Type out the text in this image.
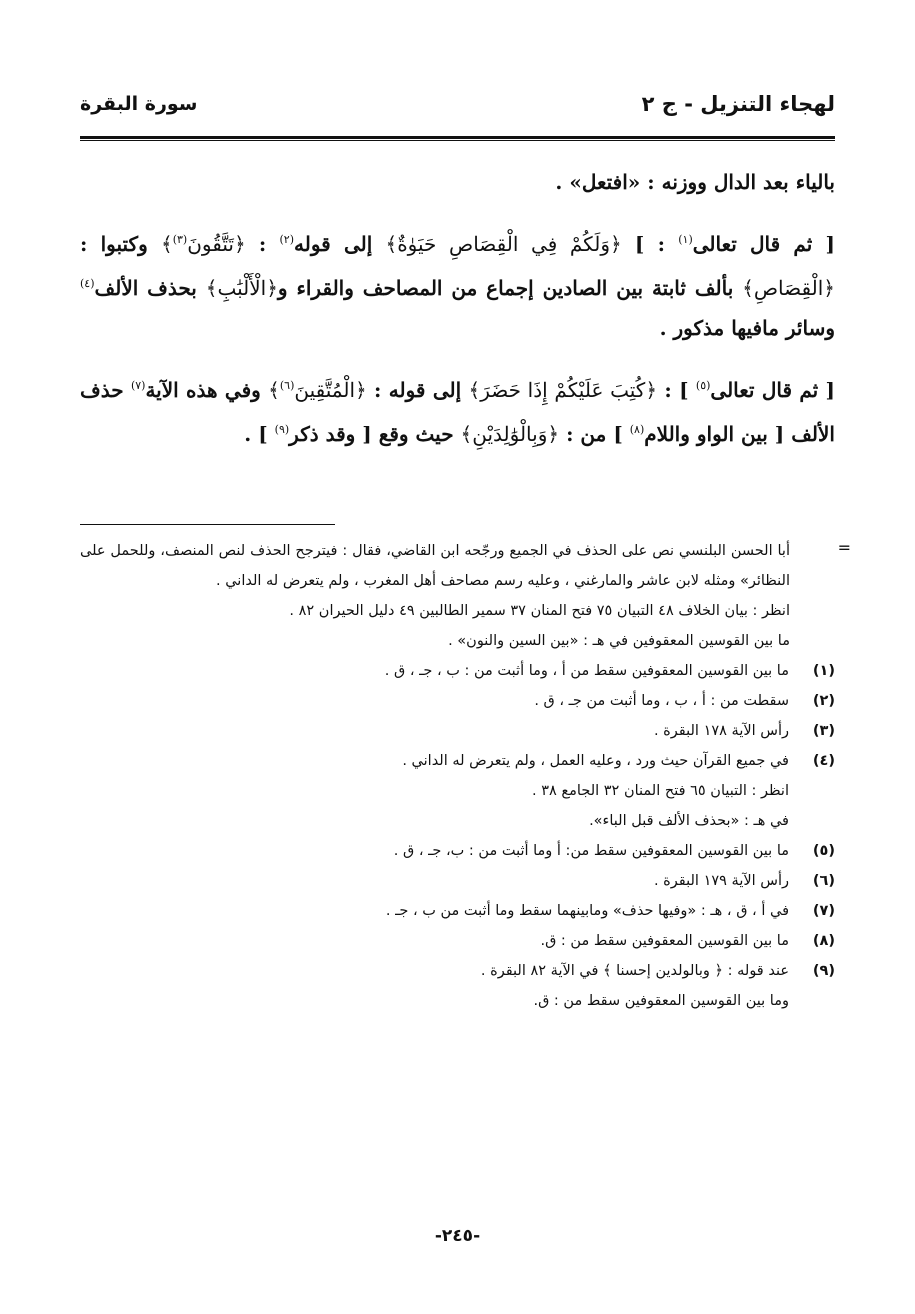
لهجاء التنزيل - ج ٢
سورة البقرة

بالياء بعد الدال ووزنه : «افتعل» .

[ ثم قال تعالى$^{(١)}$ : ] ﴿وَلَكُمْ فِي الْقِصَاصِ حَيَوٰةٌ﴾ إلى قوله$^{(٢)}$ : ﴿تَتَّقُونَ$^{(٣)}$﴾ وكتبوا : ﴿الْقِصَاصِ﴾ بألف ثابتة بين الصادين إجماع من المصاحف والقراء و﴿الْأَلْبَٰبِ﴾ بحذف الألف$^{(٤)}$ وسائر مافيها مذكور .

[ ثم قال تعالى$^{(٥)}$ ] : ﴿كُتِبَ عَلَيْكُمْ إِذَا حَضَرَ﴾ إلى قوله : ﴿الْمُتَّقِينَ$^{(٦)}$﴾ وفي هذه الآية$^{(٧)}$ حذف الألف [ بين الواو واللام$^{(٨)}$ ] من : ﴿وَبِالْوَٰلِدَيْنِ﴾ حيث وقع [ وقد ذكر$^{(٩)}$ ] .

=

أبا الحسن البلنسي نص على الحذف في الجميع ورجّحه ابن القاضي، فقال : فيترجح الحذف لنص المنصف، وللحمل على النظائر» ومثله لابن عاشر والمارغني ، وعليه رسم مصاحف أهل المغرب ، ولم يتعرض له الداني .

انظر : بيان الخلاف ٤٨ التبيان ٧٥ فتح المنان ٣٧ سمير الطالبين ٤٩ دليل الحيران ٨٢ .

ما بين القوسين المعقوفين في هـ : «بين السين والنون» .

(١)
ما بين القوسين المعقوفين سقط من أ ، وما أثبت من : ب ، جـ ، ق .
(٢)
سقطت من : أ ، ب ، وما أثبت من جـ ، ق .
(٣)
رأس الآية ١٧٨ البقرة .
(٤)
في جميع القرآن حيث ورد ، وعليه العمل ، ولم يتعرض له الداني .
انظر : التبيان ٦٥ فتح المنان ٣٢ الجامع ٣٨ .
في هـ : «بحذف الألف قبل الباء».
(٥)
ما بين القوسين المعقوفين سقط من: أ وما أثبت من : ب، جـ ، ق .
(٦)
رأس الآية ١٧٩ البقرة .
(٧)
في أ ، ق ، هـ : «وفيها حذف» ومابينهما سقط وما أثبت من ب ، جـ .
(٨)
ما بين القوسين المعقوفين سقط من : ق.
(٩)
عند قوله : ﴿ وبالولدين إحسنا ﴾ في الآية ٨٢ البقرة .
وما بين القوسين المعقوفين سقط من : ق.
-٢٤٥-
